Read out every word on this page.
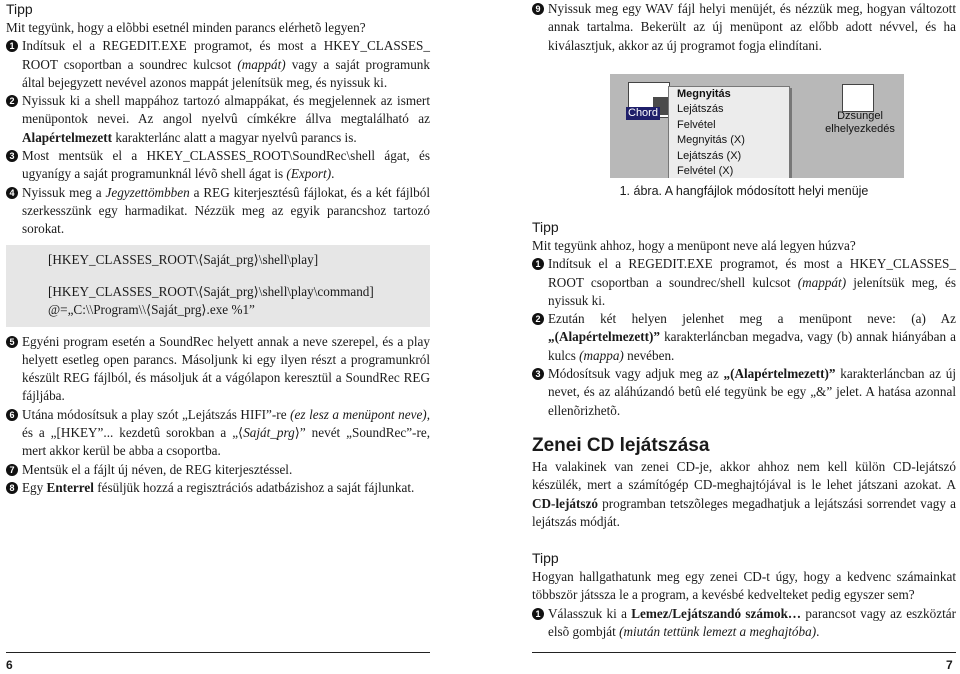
Tipp

Mit tegyünk, hogy a elõbbi esetnél minden parancs elérhetõ legyen?

1 Indítsuk el a REGEDIT.EXE programot, és most a HKEY_CLASSES_ ROOT csoportban a soundrec kulcsot (mappát) vagy a saját programunk által bejegyzett nevével azonos mappát jelenítsük meg, és nyissuk ki.
2 Nyissuk ki a shell mappához tartozó almappákat, és megjelennek az ismert menüpontok nevei. Az angol nyelvû címkékre állva megtalálható az Alapértelmezett karakterlánc alatt a magyar nyelvû parancs is.
3 Most mentsük el a HKEY_CLASSES_ROOT\SoundRec\shell ágat, és ugyanígy a saját programunknál lévõ shell ágat is (Export).
4 Nyissuk meg a Jegyzettömbben a REG kiterjesztésû fájlokat, és a két fájlból szerkesszünk egy harmadikat. Nézzük meg az egyik parancshoz tartozó sorokat.

[HKEY_CLASSES_ROOT\⟨Saját_prg⟩\shell\play]

[HKEY_CLASSES_ROOT\⟨Saját_prg⟩\shell\play\command]

@=„C:\\Program\\⟨Saját_prg⟩.exe %1”

5 Egyéni program esetén a SoundRec helyett annak a neve szerepel, és a play helyett esetleg open parancs. Másoljunk ki egy ilyen részt a programunkról készült REG fájlból, és másoljuk át a vágólapon keresztül a SoundRec REG fájljába.
6 Utána módosítsuk a play szót „Lejátszás HIFI”-re (ez lesz a menüpont neve), és a „[HKEY”... kezdetû sorokban a „⟨Saját_prg⟩” nevét „SoundRec”-re, mert akkor kerül be abba a csoportba.
7 Mentsük el a fájlt új néven, de REG kiterjesztéssel.
8 Egy Enterrel fésüljük hozzá a regisztrációs adatbázishoz a saját fájlunkat.
9 Nyissuk meg egy WAV fájl helyi menüjét, és nézzük meg, hogyan változott annak tartalma. Bekerült az új menüpont az előbb adott névvel, és ha kiválasztjuk, akkor az új programot fogja elindítani.
Chord	Dzsungel
elhelyezkedés
Megnyitás
Lejátszás
Felvétel
Megnyitás (X)
Lejátszás (X)
Felvétel (X)
1. ábra. A hangfájlok módosított helyi menüje

Tipp

Mit tegyünk ahhoz, hogy a menüpont neve alá legyen húzva?

1 Indítsuk el a REGEDIT.EXE programot, és most a HKEY_CLASSES_ ROOT csoportban a soundrec/shell kulcsot (mappát) jelenítsük meg, és nyissuk ki.
2 Ezután két helyen jelenhet meg a menüpont neve: (a) Az „(Alapértelmezett)” karakterláncban megadva, vagy (b) annak hiányában a kulcs (mappa) nevében.
3 Módosítsuk vagy adjuk meg az „(Alapértelmezett)” karakterláncban az új nevet, és az aláhúzandó betû elé tegyünk be egy „&” jelet. A hatása azonnal ellenõrizhetõ.

Zenei CD lejátszása

Ha valakinek van zenei CD-je, akkor ahhoz nem kell külön CD-lejátszó készülék, mert a számítógép CD-meghajtójával is le lehet játszani azokat. A CD-lejátszó programban tetszõleges megadhatjuk a lejátszási sorrendet vagy a lejátszás módját.

Tipp

Hogyan hallgathatunk meg egy zenei CD-t úgy, hogy a kedvenc számainkat többször játssza le a program, a kevésbé kedvelteket pedig egyszer sem?

1 Válasszuk ki a Lemez/Lejátszandó számok… parancsot vagy az eszköztár elsõ gombját (miután tettünk lemezt a meghajtóba).
6	7
